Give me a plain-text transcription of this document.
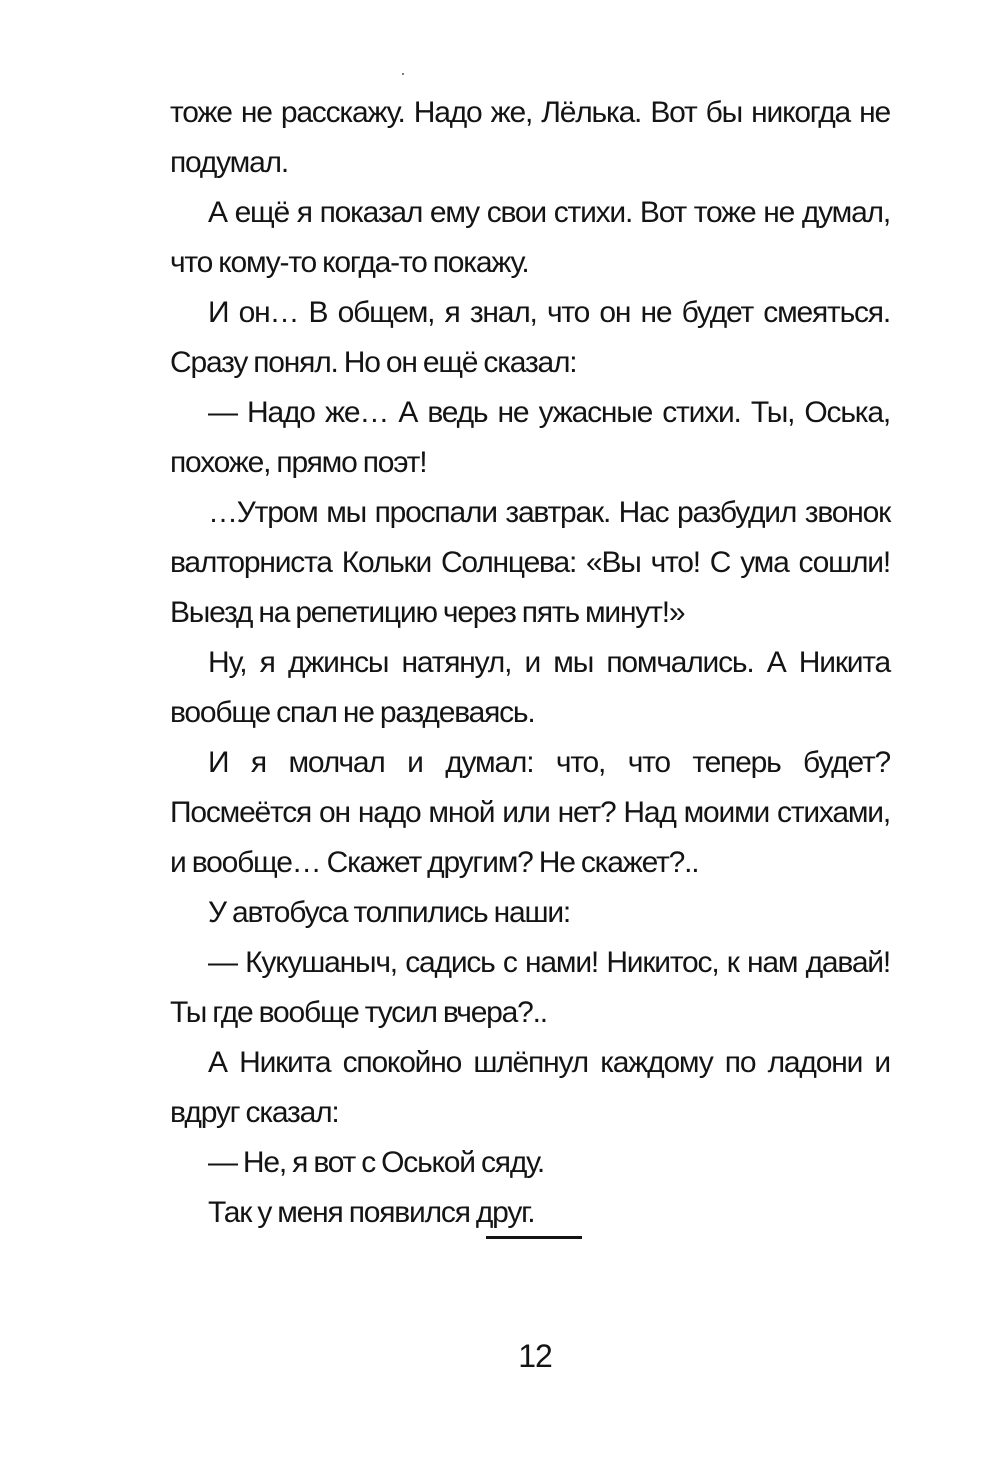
тоже не расскажу. Надо же, Лёлька. Вот бы никогда не подумал.

А ещё я показал ему свои стихи. Вот тоже не думал, что кому-то когда-то покажу.

И он… В общем, я знал, что он не будет смеяться. Сразу понял. Но он ещё сказал:

— Надо же… А ведь не ужасные стихи. Ты, Оська, похоже, прямо поэт!

…Утром мы проспали завтрак. Нас разбудил звонок валторниста Кольки Солнцева: «Вы что! С ума сошли! Выезд на репетицию через пять минут!»

Ну, я джинсы натянул, и мы помчались. А Никита вообще спал не раздеваясь.

И я молчал и думал: что, что теперь будет? Посмеётся он надо мной или нет? Над моими стихами, и вообще… Скажет другим? Не скажет?..

У автобуса толпились наши:

— Кукушаныч, садись с нами! Никитос, к нам давай! Ты где вообще тусил вчера?..

А Никита спокойно шлёпнул каждому по ладони и вдруг сказал:

— Не, я вот с Оськой сяду.

Так у меня появился друг.

12
